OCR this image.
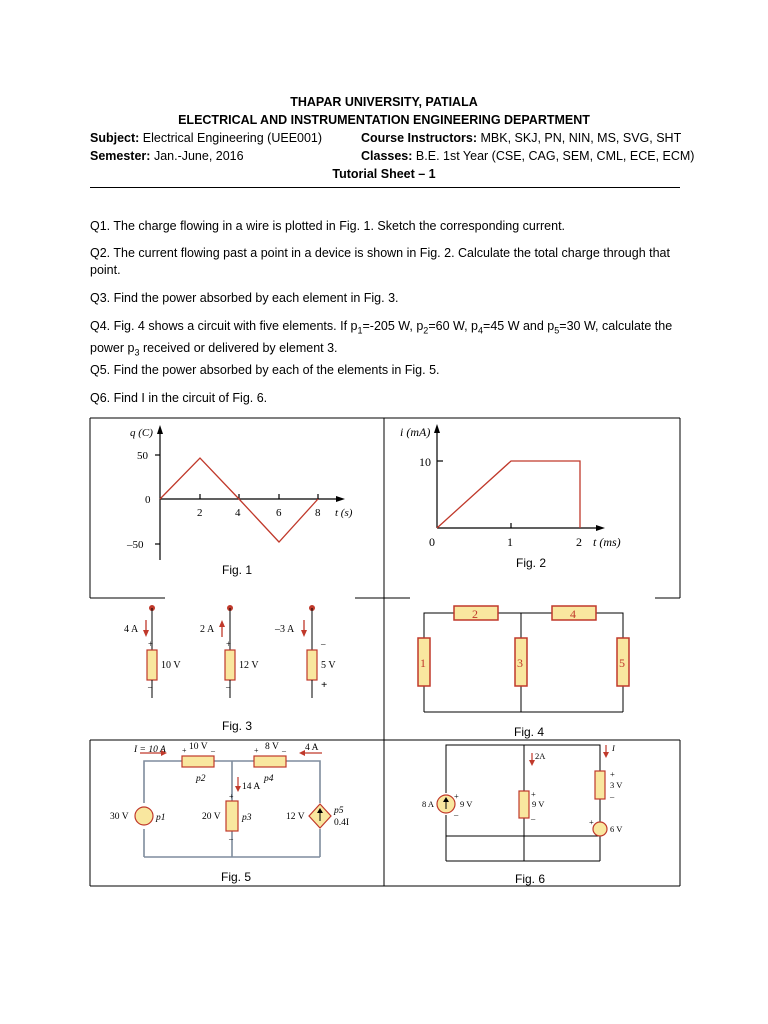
THAPAR UNIVERSITY, PATIALA
ELECTRICAL AND INSTRUMENTATION ENGINEERING DEPARTMENT
Subject: Electrical Engineering (UEE001)	Course Instructors: MBK, SKJ, PN, NIN, MS, SVG, SHT
Semester: Jan.-June, 2016	Classes: B.E. 1st Year (CSE, CAG, SEM, CML, ECE, ECM)
Tutorial Sheet – 1
Q1. The charge flowing in a wire is plotted in Fig. 1. Sketch the corresponding current.
Q2. The current flowing past a point in a device is shown in Fig. 2. Calculate the total charge through that point.
Q3. Find the power absorbed by each element in Fig. 3.
Q4. Fig. 4 shows a circuit with five elements. If $p_1=-205$ W, $p_2=60$ W, $p_4=45$ W and $p_5=30$ W, calculate the power $p_3$ received or delivered by element 3.
Q5. Find the power absorbed by each of the elements in Fig. 5.
Q6. Find I in the circuit of Fig. 6.
q (C)
50
0
–50
2	4	6	8 t (s)
Fig. 1
i (mA)
10
0	1	2 t (ms)
Fig. 2
4 A
+
10 V
–
2 A
+
12 V
–
–3 A
–
5 V
+
Fig. 3
1
2
3
4
5
Fig. 4
I = 10 A 10 V
+	–	8 V
+	– 4 A
p2	p4
14 A
30 V	p1
+
20 V p3
–
12 V
p5
0.4I
Fig. 5
8 A
+
9 V
–
2A
+
9 V
–
I
+
3 V
–
+
6 V
–
Fig. 6
